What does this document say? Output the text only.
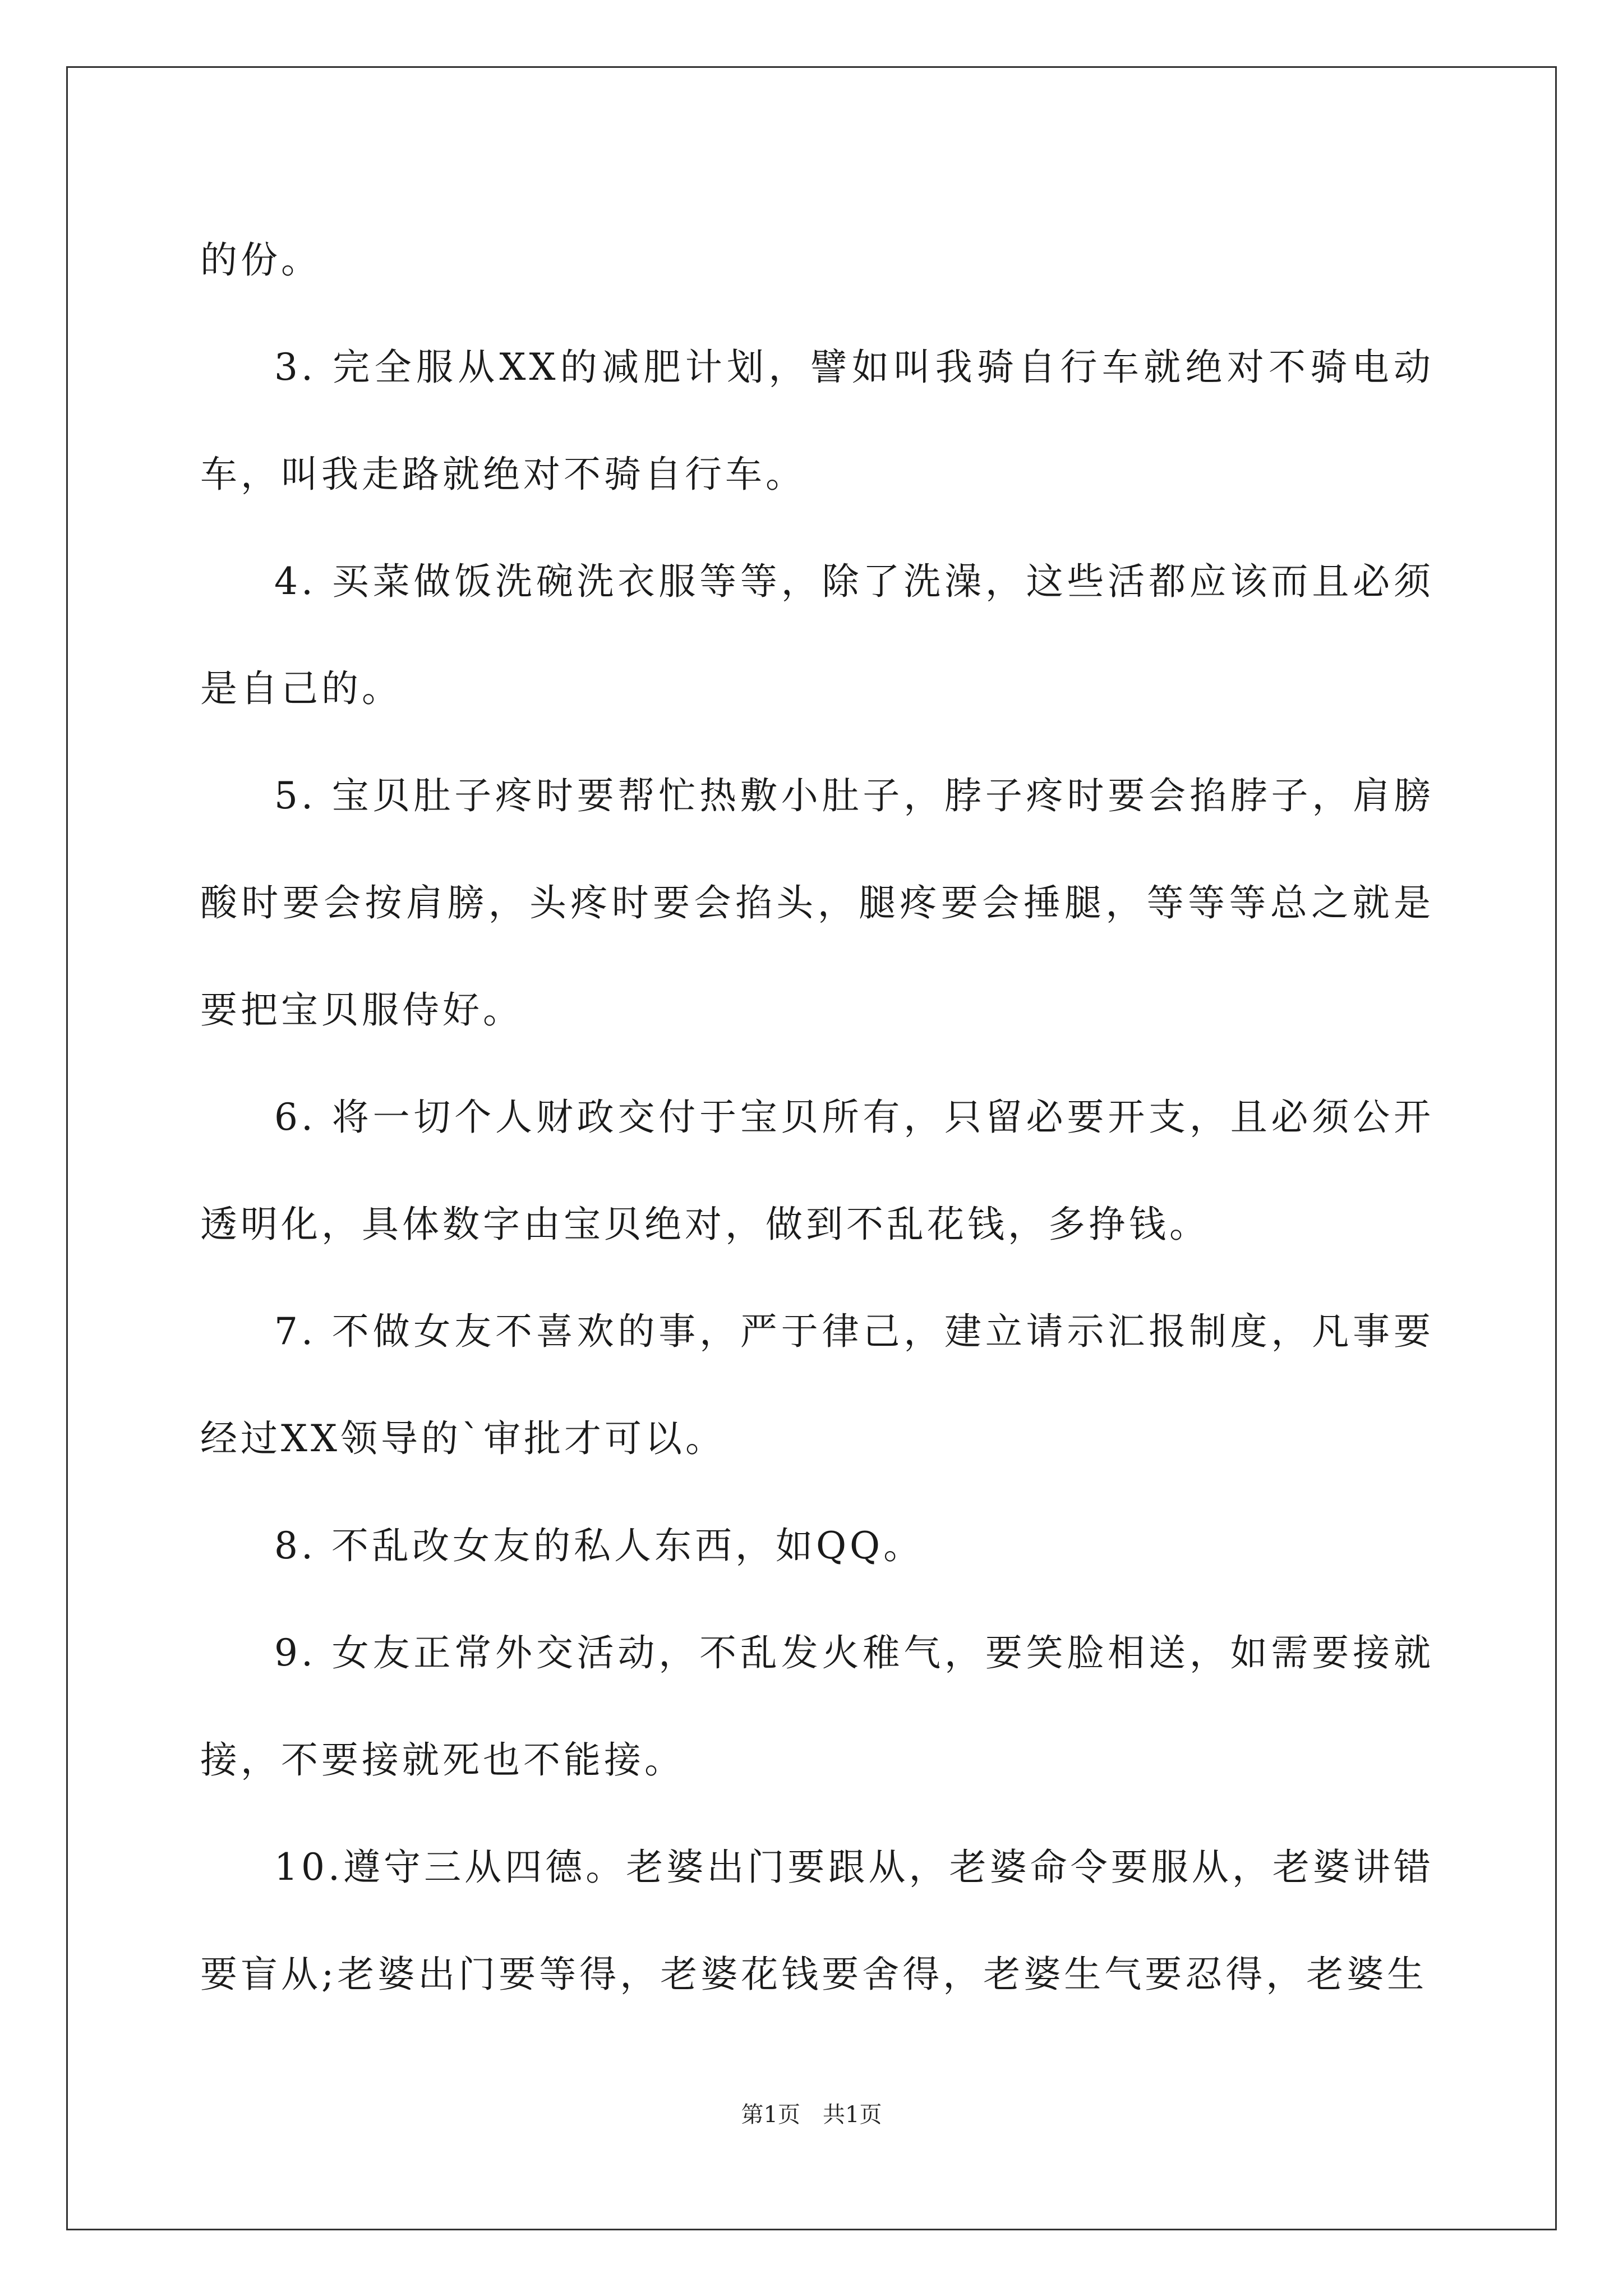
的份。

3. 完全服从XX的减肥计划，譬如叫我骑自行车就绝对不骑电动车，叫我走路就绝对不骑自行车。

4. 买菜做饭洗碗洗衣服等等，除了洗澡，这些活都应该而且必须是自己的。

5. 宝贝肚子疼时要帮忙热敷小肚子，脖子疼时要会掐脖子，肩膀酸时要会按肩膀，头疼时要会掐头，腿疼要会捶腿，等等等总之就是要把宝贝服侍好。

6. 将一切个人财政交付于宝贝所有，只留必要开支，且必须公开透明化，具体数字由宝贝绝对，做到不乱花钱，多挣钱。

7. 不做女友不喜欢的事，严于律己，建立请示汇报制度，凡事要经过XX领导的`审批才可以。

8. 不乱改女友的私人东西，如QQ。

9. 女友正常外交活动，不乱发火稚气，要笑脸相送，如需要接就接，不要接就死也不能接。

10.遵守三从四德。老婆出门要跟从，老婆命令要服从，老婆讲错要盲从;老婆出门要等得，老婆花钱要舍得，老婆生气要忍得，老婆生

第1页　共1页
